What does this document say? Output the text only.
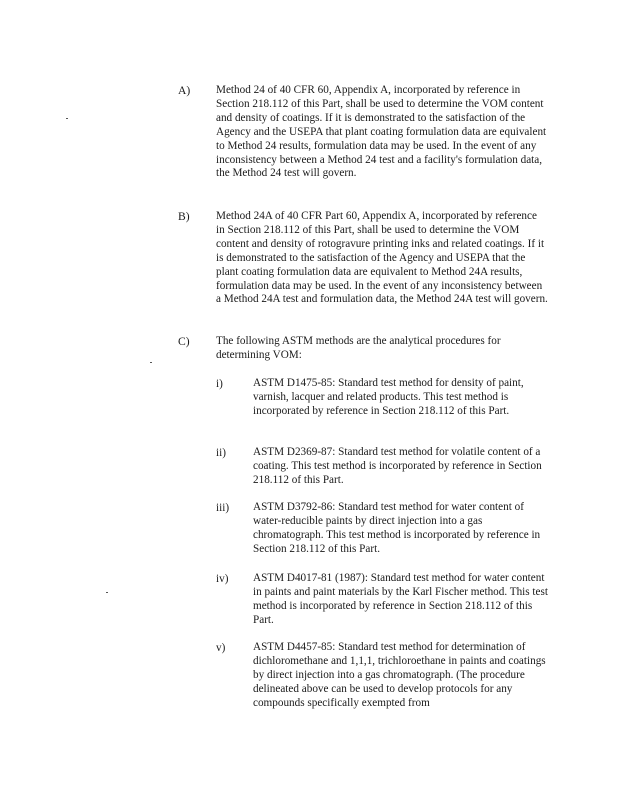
A) Method 24 of 40 CFR 60, Appendix A, incorporated by reference in Section 218.112 of this Part, shall be used to determine the VOM content and density of coatings. If it is demonstrated to the satisfaction of the Agency and the USEPA that plant coating formulation data are equivalent to Method 24 results, formulation data may be used. In the event of any inconsistency between a Method 24 test and a facility's formulation data, the Method 24 test will govern.
B) Method 24A of 40 CFR Part 60, Appendix A, incorporated by reference in Section 218.112 of this Part, shall be used to determine the VOM content and density of rotogravure printing inks and related coatings. If it is demonstrated to the satisfaction of the Agency and USEPA that the plant coating formulation data are equivalent to Method 24A results, formulation data may be used. In the event of any inconsistency between a Method 24A test and formulation data, the Method 24A test will govern.
C) The following ASTM methods are the analytical procedures for determining VOM:
i)	ASTM D1475-85: Standard test method for density of paint, varnish, lacquer and related products. This test method is incorporated by reference in Section 218.112 of this Part.
ii) ASTM D2369-87: Standard test method for volatile content of a coating. This test method is incorporated by reference in Section 218.112 of this Part.
iii) ASTM D3792-86: Standard test method for water content of water-reducible paints by direct injection into a gas chromatograph. This test method is incorporated by reference in Section 218.112 of this Part.
iv) ASTM D4017-81 (1987): Standard test method for water content in paints and paint materials by the Karl Fischer method. This test method is incorporated by reference in Section 218.112 of this Part.
v) ASTM D4457-85: Standard test method for determination of dichloromethane and 1,1,1, trichloroethane in paints and coatings by direct injection into a gas chromatograph. (The procedure delineated above can be used to develop protocols for any compounds specifically exempted from
